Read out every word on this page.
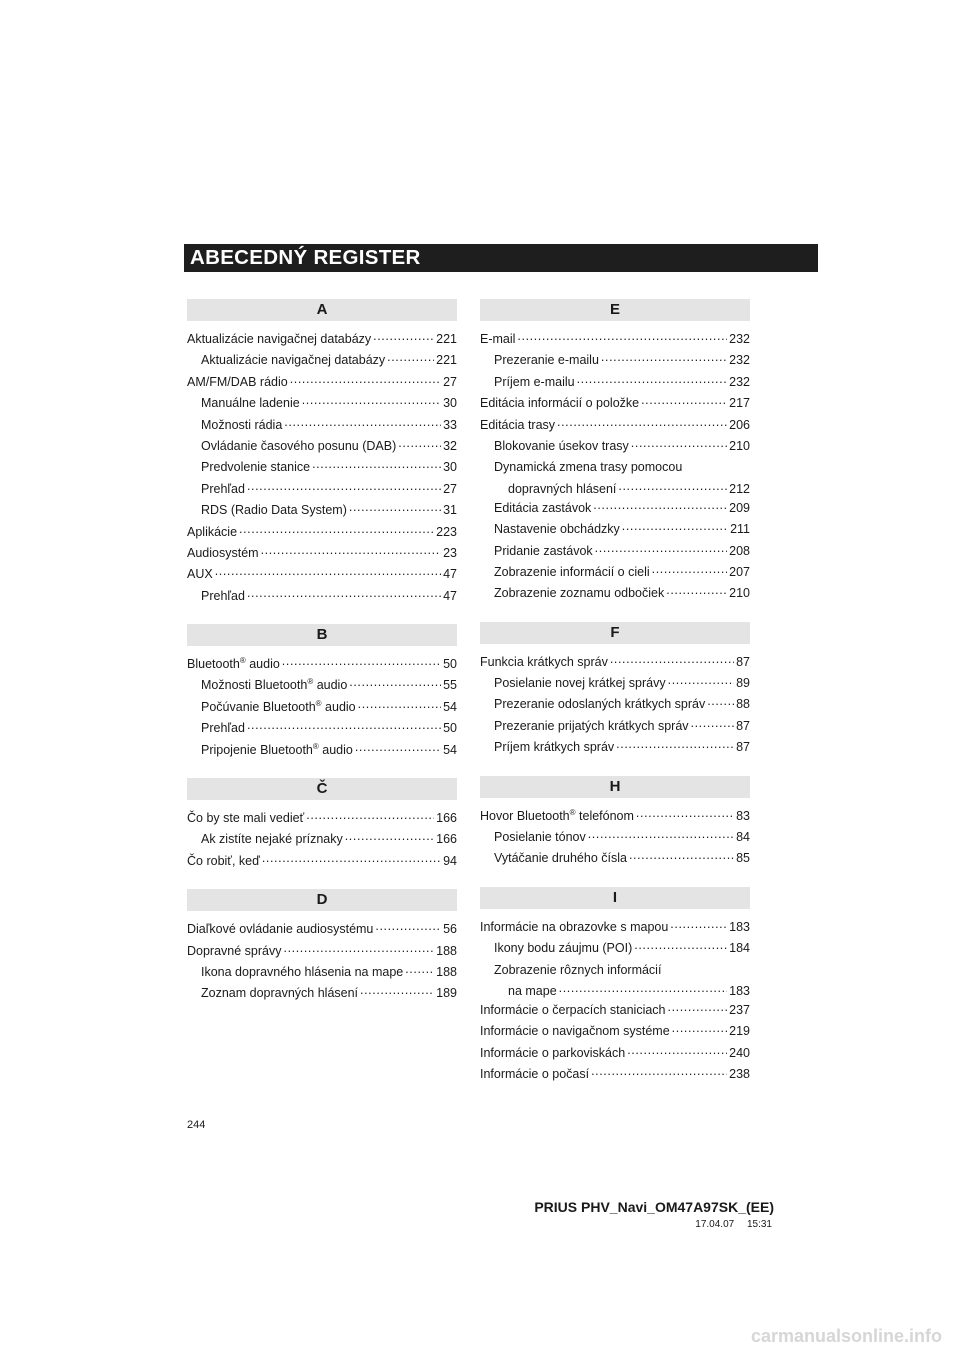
ABECEDNÝ REGISTER
A
Aktualizácie navigačnej databázy .....	221
Aktualizácie navigačnej databázy .....	221
AM/FM/DAB rádio .....	27
Manuálne ladenie .....	30
Možnosti rádia .....	33
Ovládanie časového posunu (DAB) .....	32
Predvolenie stanice .....	30
Prehľad .....	27
RDS (Radio Data System) .....	31
Aplikácie .....	223
Audiosystém .....	23
AUX .....	47
Prehľad .....	47
B
Bluetooth® audio .....	50
Možnosti Bluetooth® audio .....	55
Počúvanie Bluetooth® audio .....	54
Prehľad .....	50
Pripojenie Bluetooth® audio .....	54
Č
Čo by ste mali vedieť .....	166
Ak zistíte nejaké príznaky .....	166
Čo robiť, keď .....	94
D
Diaľkové ovládanie audiosystému .....	56
Dopravné správy .....	188
Ikona dopravného hlásenia na mape .....	188
Zoznam dopravných hlásení .....	189
E
E-mail .....	232
Prezeranie e-mailu .....	232
Príjem e-mailu .....	232
Editácia informácií o položke .....	217
Editácia trasy .....	206
Blokovanie úsekov trasy .....	210
Dynamická zmena trasy pomocou
dopravných hlásení .....	212
Editácia zastávok .....	209
Nastavenie obchádzky .....	211
Pridanie zastávok .....	208
Zobrazenie informácií o cieli .....	207
Zobrazenie zoznamu odbočiek .....	210
F
Funkcia krátkych správ .....	87
Posielanie novej krátkej správy .....	89
Prezeranie odoslaných krátkych správ ..... 88
Prezeranie prijatých krátkych správ .....	87
Príjem krátkych správ .....	87
H
Hovor Bluetooth® telefónom .....	83
Posielanie tónov .....	84
Vytáčanie druhého čísla .....	85
I
Informácie na obrazovke s mapou .....	183
Ikony bodu záujmu (POI) .....	184
Zobrazenie rôznych informácií
na mape .....	183
Informácie o čerpacích staniciach .....	237
Informácie o navigačnom systéme .....	219
Informácie o parkoviskách .....	240
Informácie o počasí .....	238
244
PRIUS PHV_Navi_OM47A97SK_(EE)
17.04.07 15:31
carmanualsonline.info
